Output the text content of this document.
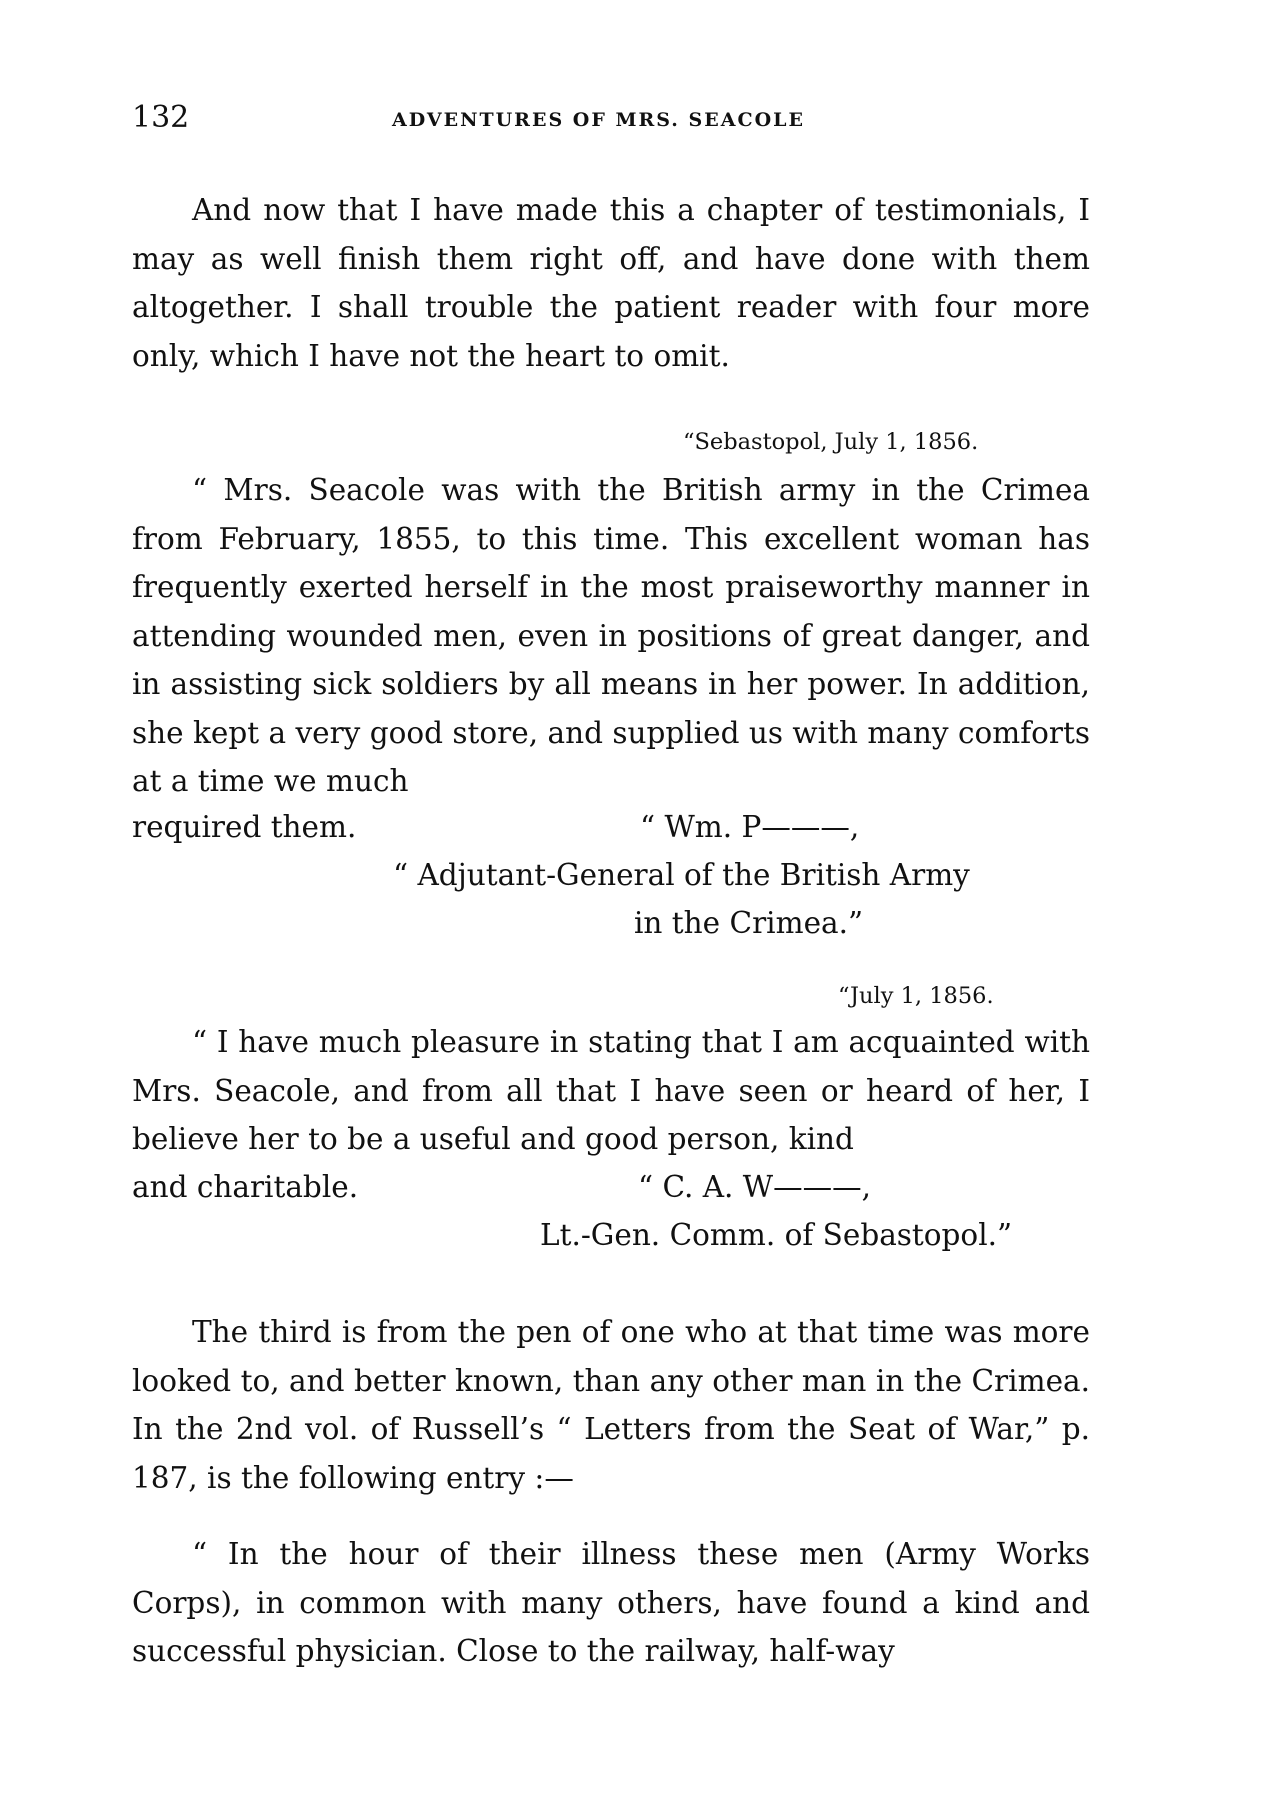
132	ADVENTURES OF MRS. SEACOLE

And now that I have made this a chapter of testimonials, I may as well finish them right off, and have done with them altogether. I shall trouble the patient reader with four more only, which I have not the heart to omit.

“Sebastopol, July 1, 1856.

“ Mrs. Seacole was with the British army in the Crimea from February, 1855, to this time. This excellent woman has frequently exerted herself in the most praiseworthy manner in attending wounded men, even in positions of great danger, and in assisting sick soldiers by all means in her power. In addition, she kept a very good store, and supplied us with many comforts at a time we much

required them.	“ Wm. P———,
“ Adjutant-General of the British Army
in the Crimea.”
“July 1, 1856.

“ I have much pleasure in stating that I am acquainted with Mrs. Seacole, and from all that I have seen or heard of her, I believe her to be a useful and good person, kind

and charitable.	“ C. A. W———,
Lt.-Gen. Comm. of Sebastopol.”

The third is from the pen of one who at that time was more looked to, and better known, than any other man in the Crimea. In the 2nd vol. of Russell’s “ Letters from the Seat of War,” p. 187, is the following entry :—

“ In the hour of their illness these men (Army Works Corps), in common with many others, have found a kind and successful physician. Close to the railway, half-way
